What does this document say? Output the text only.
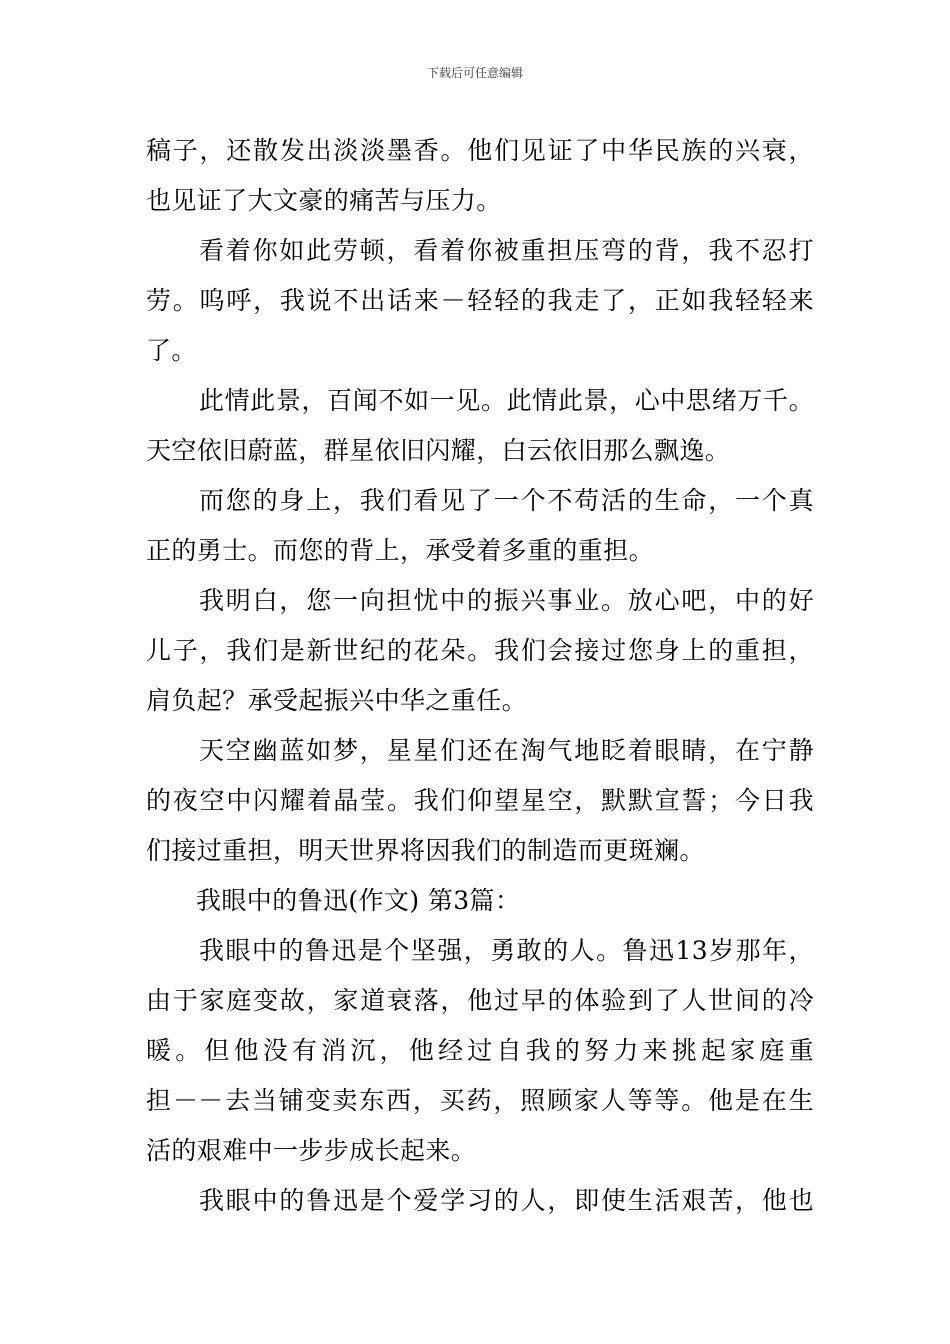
下载后可任意编辑
稿子，还散发出淡淡墨香。他们见证了中华民族的兴衰，
也见证了大文豪的痛苦与压力。
看着你如此劳顿，看着你被重担压弯的背，我不忍打
劳。呜呼，我说不出话来－轻轻的我走了，正如我轻轻来
了。
此情此景，百闻不如一见。此情此景，心中思绪万千。
天空依旧蔚蓝，群星依旧闪耀，白云依旧那么飘逸。
而您的身上，我们看见了一个不苟活的生命，一个真
正的勇士。而您的背上，承受着多重的重担。
我明白，您一向担忧中的振兴事业。放心吧，中的好
儿子，我们是新世纪的花朵。我们会接过您身上的重担，
肩负起？承受起振兴中华之重任。
天空幽蓝如梦，星星们还在淘气地眨着眼睛，在宁静
的夜空中闪耀着晶莹。我们仰望星空，默默宣誓；今日我
们接过重担，明天世界将因我们的制造而更斑斓。
我眼中的鲁迅(作文) 第3篇：
我眼中的鲁迅是个坚强，勇敢的人。鲁迅13岁那年，
由于家庭变故，家道衰落，他过早的体验到了人世间的冷
暖。但他没有消沉，他经过自我的努力来挑起家庭重
担－－去当铺变卖东西，买药，照顾家人等等。他是在生
活的艰难中一步步成长起来。
我眼中的鲁迅是个爱学习的人，即使生活艰苦，他也
